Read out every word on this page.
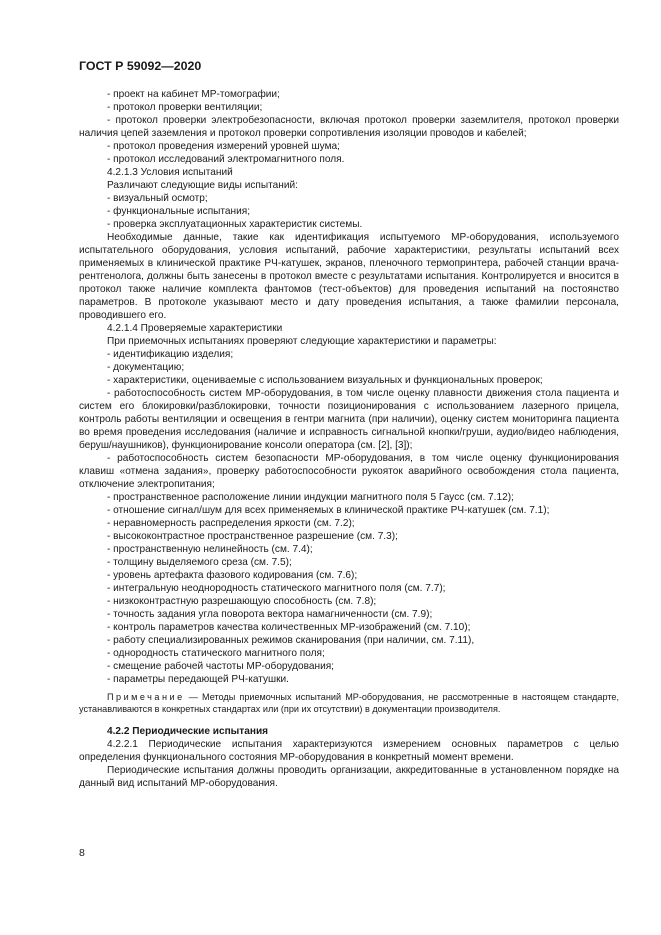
ГОСТ Р 59092—2020

- проект на кабинет МР-томографии;

- протокол проверки вентиляции;

- протокол проверки электробезопасности, включая протокол проверки заземлителя, протокол проверки наличия цепей заземления и протокол проверки сопротивления изоляции проводов и кабелей;

- протокол проведения измерений уровней шума;

- протокол исследований электромагнитного поля.

4.2.1.3 Условия испытаний

Различают следующие виды испытаний:

- визуальный осмотр;

- функциональные испытания;

- проверка эксплуатационных характеристик системы.

Необходимые данные, такие как идентификация испытуемого МР-оборудования, используемого испытательного оборудования, условия испытаний, рабочие характеристики, результаты испытаний всех применяемых в клинической практике РЧ-катушек, экранов, пленочного термопринтера, рабочей станции врача-рентгенолога, должны быть занесены в протокол вместе с результатами испытания. Контролируется и вносится в протокол также наличие комплекта фантомов (тест-объектов) для проведения испытаний на постоянство параметров. В протоколе указывают место и дату проведения испытания, а также фамилии персонала, проводившего его.

4.2.1.4 Проверяемые характеристики

При приемочных испытаниях проверяют следующие характеристики и параметры:

- идентификацию изделия;

- документацию;

- характеристики, оцениваемые с использованием визуальных и функциональных проверок;

- работоспособность систем МР-оборудования, в том числе оценку плавности движения стола пациента и систем его блокировки/разблокировки, точности позиционирования с использованием лазерного прицела, контроль работы вентиляции и освещения в гентри магнита (при наличии), оценку систем мониторинга пациента во время проведения исследования (наличие и исправность сигнальной кнопки/груши, аудио/видео наблюдения, беруш/наушников), функционирование консоли оператора (см. [2], [3]);

- работоспособность систем безопасности МР-оборудования, в том числе оценку функционирования клавиш «отмена задания», проверку работоспособности рукояток аварийного освобождения стола пациента, отключение электропитания;

- пространственное расположение линии индукции магнитного поля 5 Гаусс (см. 7.12);

- отношение сигнал/шум для всех применяемых в клинической практике РЧ-катушек (см. 7.1);

- неравномерность распределения яркости (см. 7.2);

- высококонтрастное пространственное разрешение (см. 7.3);

- пространственную нелинейность (см. 7.4);

- толщину выделяемого среза (см. 7.5);

- уровень артефакта фазового кодирования (см. 7.6);

- интегральную неоднородность статического магнитного поля (см. 7.7);

- низкоконтрастную разрешающую способность (см. 7.8);

- точность задания угла поворота вектора намагниченности (см. 7.9);

- контроль параметров качества количественных МР-изображений (см. 7.10);

- работу специализированных режимов сканирования (при наличии, см. 7.11),

- однородность статического магнитного поля;

- смещение рабочей частоты МР-оборудования;

- параметры передающей РЧ-катушки.

Примечание — Методы приемочных испытаний МР-оборудования, не рассмотренные в настоящем стандарте, устанавливаются в конкретных стандартах или (при их отсутствии) в документации производителя.

4.2.2 Периодические испытания

4.2.2.1 Периодические испытания характеризуются измерением основных параметров с целью определения функционального состояния МР-оборудования в конкретный момент времени.

Периодические испытания должны проводить организации, аккредитованные в установленном порядке на данный вид испытаний МР-оборудования.

8
